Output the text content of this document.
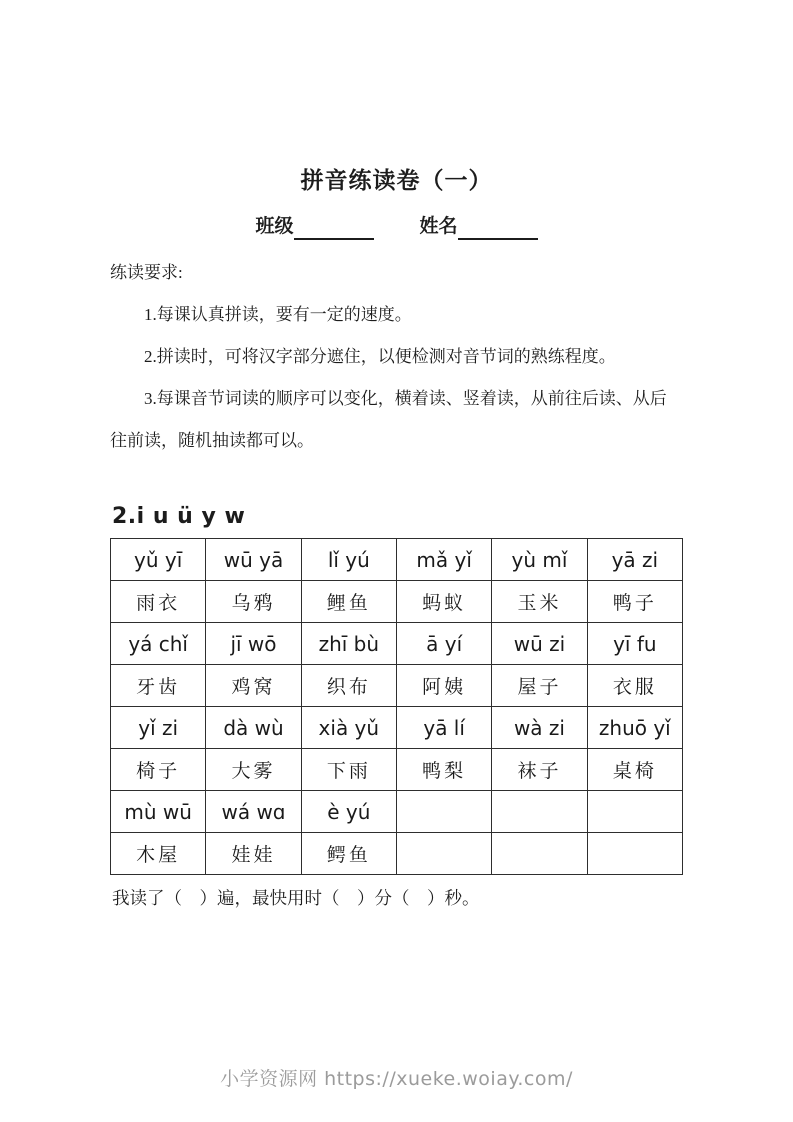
拼音练读卷（一）
班级	姓名

练读要求:

1.每课认真拼读，要有一定的速度。

2.拼读时，可将汉字部分遮住，以便检测对音节词的熟练程度。

3.每课音节词读的顺序可以变化，横着读、竖着读，从前往后读、从后往前读，随机抽读都可以。

2.i u ü y w
yǔ yī	wū yā	lǐ yú	mǎ yǐ	yù mǐ	yā zi
雨衣	乌鸦	鲤鱼	蚂蚁	玉米	鸭子
yá chǐ	jī wō	zhī bù	ā yí	wū zi	yī fu
牙齿	鸡窝	织布	阿姨	屋子	衣服
yǐ zi	dà wù	xià yǔ	yā lí	wà zi	zhuō yǐ
椅子	大雾	下雨	鸭梨	袜子	桌椅
mù wū	wá wɑ	è yú			
木屋	娃娃	鳄鱼			

我读了（　）遍，最快用时（　）分（　）秒。

小学资源网 https://xueke.woiay.com/
